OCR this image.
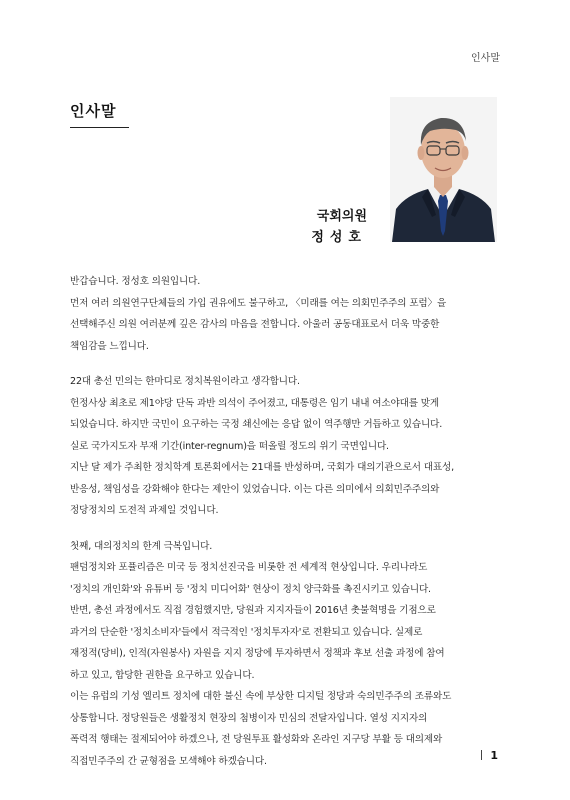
인사말
인사말
국회의원
정성호

반갑습니다. 정성호 의원입니다.

먼저 여러 의원연구단체들의 가입 권유에도 불구하고, 〈미래를 여는 의회민주주의 포럼〉을

선택해주신 의원 여러분께 깊은 감사의 마음을 전합니다. 아울러 공동대표로서 더욱 막중한

책임감을 느낍니다.

22대 총선 민의는 한마디로 정치복원이라고 생각합니다.

헌정사상 최초로 제1야당 단독 과반 의석이 주어졌고, 대통령은 임기 내내 여소야대를 맞게

되었습니다. 하지만 국민이 요구하는 국정 쇄신에는 응답 없이 역주행만 거듭하고 있습니다.

실로 국가지도자 부재 기간(inter-regnum)을 떠올릴 정도의 위기 국면입니다.

지난 달 제가 주최한 정치학계 토론회에서는 21대를 반성하며, 국회가 대의기관으로서 대표성,

반응성, 책임성을 강화해야 한다는 제안이 있었습니다. 이는 다른 의미에서 의회민주주의와

정당정치의 도전적 과제일 것입니다.

첫째, 대의정치의 한계 극복입니다.

팬덤정치와 포퓰리즘은 미국 등 정치선진국을 비롯한 전 세계적 현상입니다. 우리나라도

'정치의 개인화'와 유튜버 등 '정치 미디어화' 현상이 정치 양극화를 촉진시키고 있습니다.

반면, 총선 과정에서도 직접 경험했지만, 당원과 지지자들이 2016년 촛불혁명을 기점으로

과거의 단순한 '정치소비자'들에서 적극적인 '정치투자자'로 전환되고 있습니다. 실제로

재정적(당비), 인적(자원봉사) 자원을 지지 정당에 투자하면서 정책과 후보 선출 과정에 참여

하고 있고, 합당한 권한을 요구하고 있습니다.

이는 유럽의 기성 엘리트 정치에 대한 불신 속에 부상한 디지털 정당과 숙의민주주의 조류와도

상통합니다. 정당원들은 생활정치 현장의 첨병이자 민심의 전달자입니다. 열성 지지자의

폭력적 행태는 절제되어야 하겠으나, 전 당원투표 활성화와 온라인 지구당 부활 등 대의제와

직접민주주의 간 균형점을 모색해야 하겠습니다.	1
